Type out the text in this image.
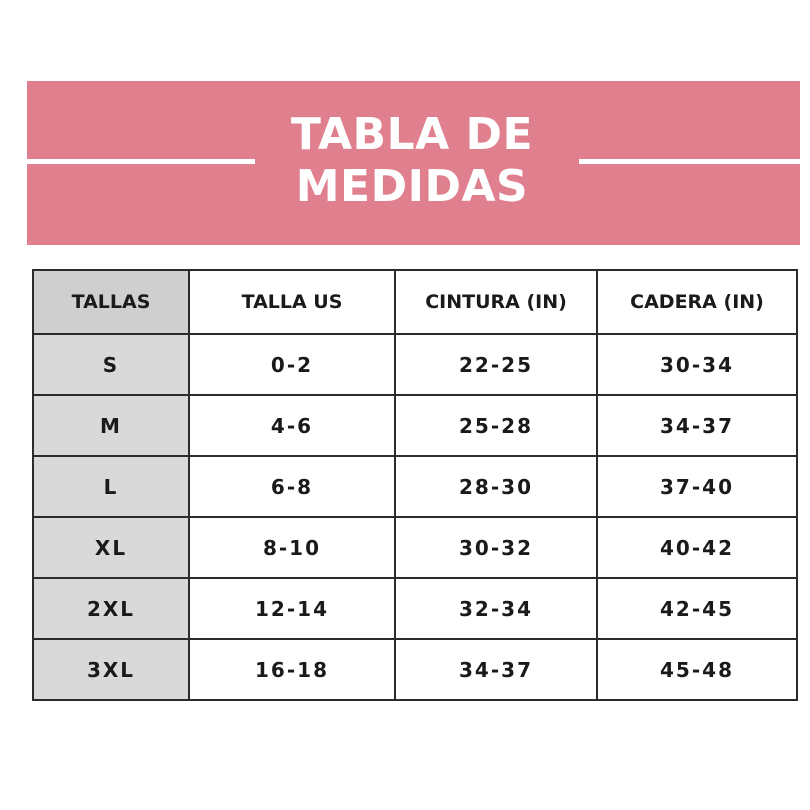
TABLA DE
MEDIDAS
TALLAS	TALLA US	CINTURA (IN)	CADERA (IN)
S	0-2	22-25	30-34
M	4-6	25-28	34-37
L	6-8	28-30	37-40
XL	8-10	30-32	40-42
2XL	12-14	32-34	42-45
3XL	16-18	34-37	45-48
